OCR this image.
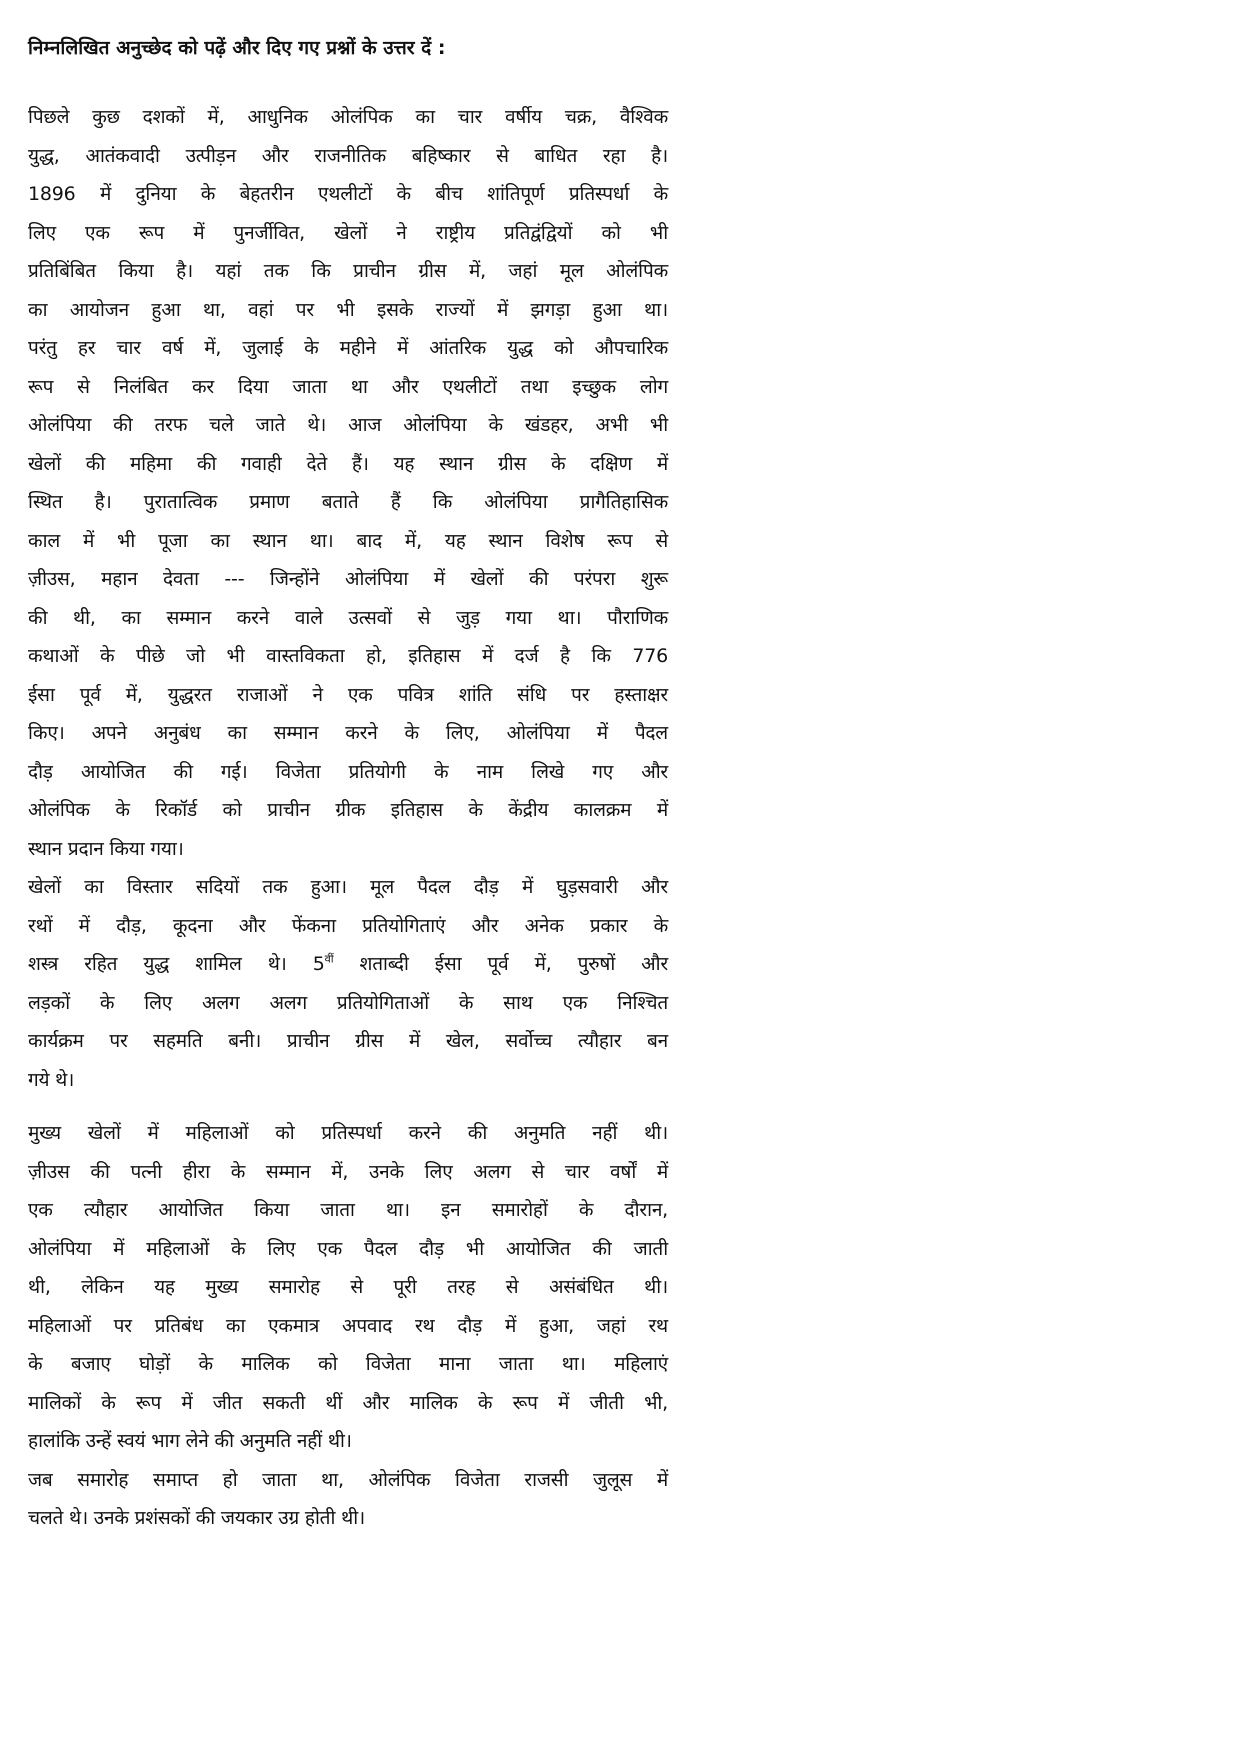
निम्नलिखित अनुच्छेद को पढ़ें और दिए गए प्रश्नों के उत्तर दें :
पिछले कुछ दशकों में, आधुनिक ओलंपिक का चार वर्षीय चक्र, वैश्विक
युद्ध, आतंकवादी उत्पीड़न और राजनीतिक बहिष्कार से बाधित रहा है।
1896 में दुनिया के बेहतरीन एथलीटों के बीच शांतिपूर्ण प्रतिस्पर्धा के
लिए एक रूप में पुनर्जीवित, खेलों ने राष्ट्रीय प्रतिद्वंद्वियों को भी
प्रतिबिंबित किया है। यहां तक कि प्राचीन ग्रीस में, जहां मूल ओलंपिक
का आयोजन हुआ था, वहां पर भी इसके राज्यों में झगड़ा हुआ था।
परंतु हर चार वर्ष में, जुलाई के महीने में आंतरिक युद्ध को औपचारिक
रूप से निलंबित कर दिया जाता था और एथलीटों तथा इच्छुक लोग
ओलंपिया की तरफ चले जाते थे। आज ओलंपिया के खंडहर, अभी भी
खेलों की महिमा की गवाही देते हैं। यह स्थान ग्रीस के दक्षिण में
स्थित है। पुरातात्विक प्रमाण बताते हैं कि ओलंपिया प्रागैतिहासिक
काल में भी पूजा का स्थान था। बाद में, यह स्थान विशेष रूप से
ज़ीउस, महान देवता --- जिन्होंने ओलंपिया में खेलों की परंपरा शुरू
की थी, का सम्मान करने वाले उत्सवों से जुड़ गया था। पौराणिक
कथाओं के पीछे जो भी वास्तविकता हो, इतिहास में दर्ज है कि 776
ईसा पूर्व में, युद्धरत राजाओं ने एक पवित्र शांति संधि पर हस्ताक्षर
किए। अपने अनुबंध का सम्मान करने के लिए, ओलंपिया में पैदल
दौड़ आयोजित की गई। विजेता प्रतियोगी के नाम लिखे गए और
ओलंपिक के रिकॉर्ड को प्राचीन ग्रीक इतिहास के केंद्रीय कालक्रम में
स्थान प्रदान किया गया।
खेलों का विस्तार सदियों तक हुआ। मूल पैदल दौड़ में घुड़सवारी और
रथों में दौड़, कूदना और फेंकना प्रतियोगिताएं और अनेक प्रकार के
शस्त्र रहित युद्ध शामिल थे। $5^{वीं}$ शताब्दी ईसा पूर्व में, पुरुषों और
लड़कों के लिए अलग अलग प्रतियोगिताओं के साथ एक निश्चित
कार्यक्रम पर सहमति बनी। प्राचीन ग्रीस में खेल, सर्वोच्च त्यौहार बन
गये थे।
मुख्य खेलों में महिलाओं को प्रतिस्पर्धा करने की अनुमति नहीं थी।
ज़ीउस की पत्नी हीरा के सम्मान में, उनके लिए अलग से चार वर्षों में
एक त्यौहार आयोजित किया जाता था। इन समारोहों के दौरान,
ओलंपिया में महिलाओं के लिए एक पैदल दौड़ भी आयोजित की जाती
थी, लेकिन यह मुख्य समारोह से पूरी तरह से असंबंधित थी।
महिलाओं पर प्रतिबंध का एकमात्र अपवाद रथ दौड़ में हुआ, जहां रथ
के बजाए घोड़ों के मालिक को विजेता माना जाता था। महिलाएं
मालिकों के रूप में जीत सकती थीं और मालिक के रूप में जीती भी,
हालांकि उन्हें स्वयं भाग लेने की अनुमति नहीं थी।
जब समारोह समाप्त हो जाता था, ओलंपिक विजेता राजसी जुलूस में
चलते थे। उनके प्रशंसकों की जयकार उग्र होती थी।
